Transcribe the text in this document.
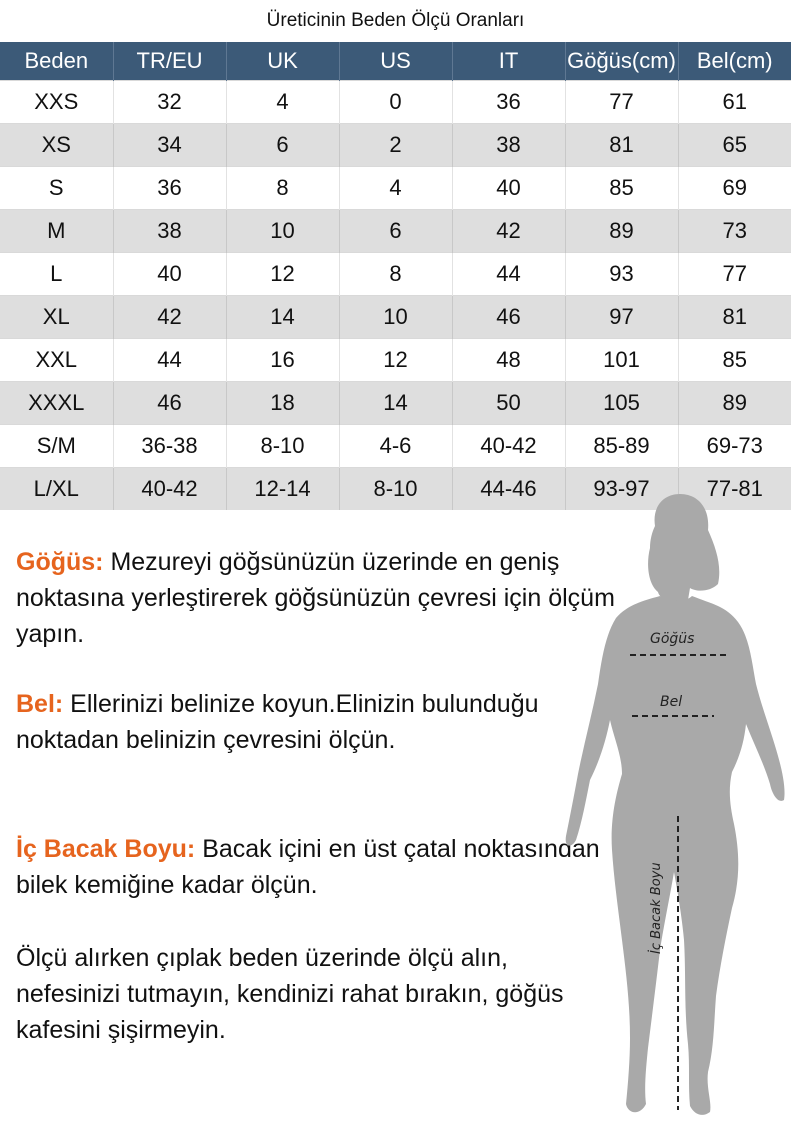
Üreticinin Beden Ölçü Oranları
Beden	TR/EU	UK	US	IT	Göğüs(cm)	Bel(cm)
XXS	32	4	0	36	77	61
XS	34	6	2	38	81	65
S	36	8	4	40	85	69
M	38	10	6	42	89	73
L	40	12	8	44	93	77
XL	42	14	10	46	97	81
XXL	44	16	12	48	101	85
XXXL	46	18	14	50	105	89
S/M	36-38	8-10	4-6	40-42	85-89	69-73
L/XL	40-42	12-14	8-10	44-46	93-97	77-81
Göğüs: Mezureyi göğsünüzün üzerinde en geniş noktasına yerleştirerek göğsünüzün çevresi için ölçüm yapın.
Bel: Ellerinizi belinize koyun.Elinizin bulunduğu noktadan belinizin çevresini ölçün.
İç Bacak Boyu: Bacak içini en üst çatal noktasından bilek kemiğine kadar ölçün.
Ölçü alırken çıplak beden üzerinde ölçü alın, nefesinizi tutmayın, kendinizi rahat bırakın, göğüs kafesini şişirmeyin.
Göğüs
Bel
İç Bacak Boyu
